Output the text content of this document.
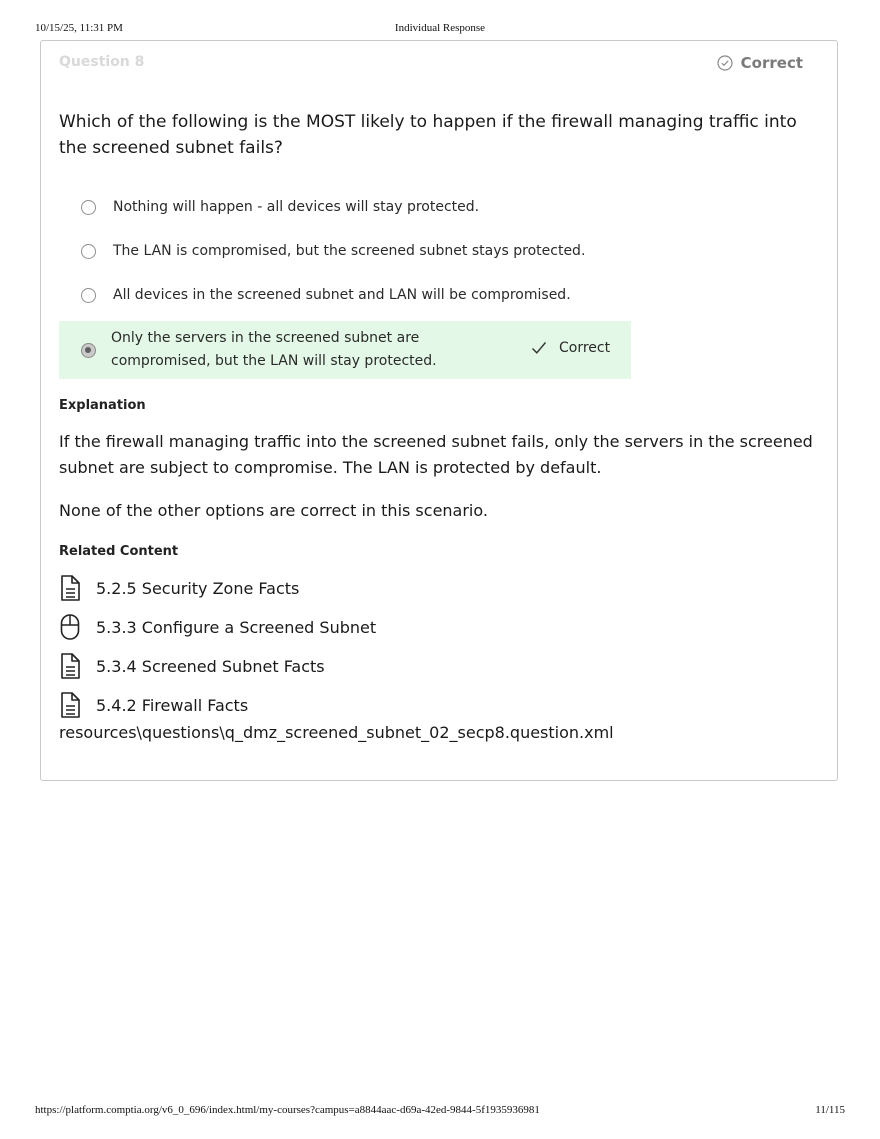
10/15/25, 11:31 PM	Individual Response
Question 8	Correct
Which of the following is the MOST likely to happen if the firewall managing traffic into the screened subnet fails?
Nothing will happen - all devices will stay protected.
The LAN is compromised, but the screened subnet stays protected.
All devices in the screened subnet and LAN will be compromised.
Only the servers in the screened subnet are compromised, but the LAN will stay protected.
Correct
Explanation
If the firewall managing traffic into the screened subnet fails, only the servers in the screened subnet are subject to compromise. The LAN is protected by default.
None of the other options are correct in this scenario.
Related Content
5.2.5 Security Zone Facts
5.3.3 Configure a Screened Subnet
5.3.4 Screened Subnet Facts
5.4.2 Firewall Facts
resources\questions\q_dmz_screened_subnet_02_secp8.question.xml
https://platform.comptia.org/v6_0_696/index.html/my-courses?campus=a8844aac-d69a-42ed-9844-5f1935936981	11/115
